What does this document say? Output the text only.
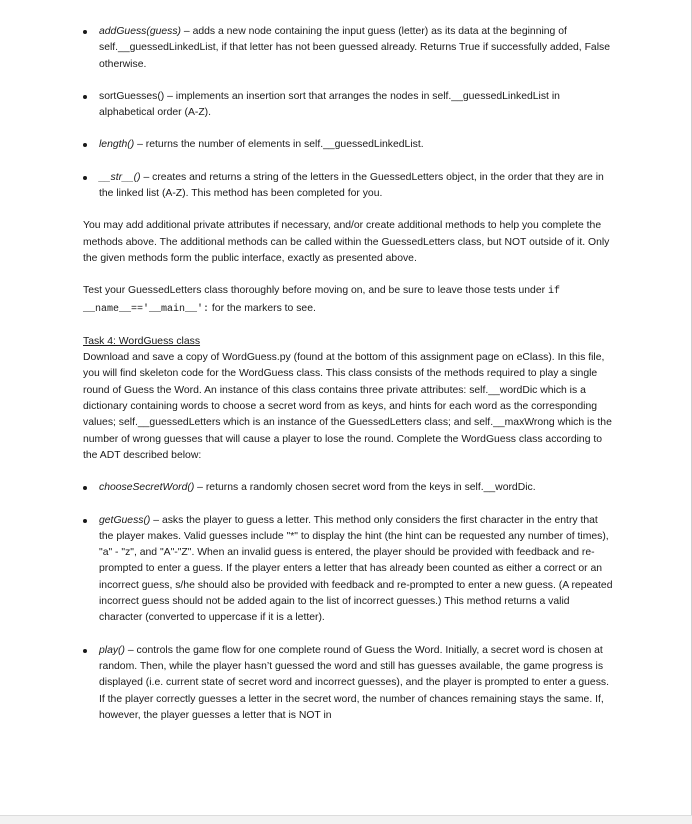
addGuess(guess) – adds a new node containing the input guess (letter) as its data at the beginning of self.__guessedLinkedList, if that letter has not been guessed already. Returns True if successfully added, False otherwise.
sortGuesses() – implements an insertion sort that arranges the nodes in self.__guessedLinkedList in alphabetical order (A-Z).
length() – returns the number of elements in self.__guessedLinkedList.
__str__() – creates and returns a string of the letters in the GuessedLetters object, in the order that they are in the linked list (A-Z). This method has been completed for you.

You may add additional private attributes if necessary, and/or create additional methods to help you complete the methods above. The additional methods can be called within the GuessedLetters class, but NOT outside of it. Only the given methods form the public interface, exactly as presented above.

Test your GuessedLetters class thoroughly before moving on, and be sure to leave those tests under if __name__=='__main__': for the markers to see.

Task 4: WordGuess class

Download and save a copy of WordGuess.py (found at the bottom of this assignment page on eClass). In this file, you will find skeleton code for the WordGuess class. This class consists of the methods required to play a single round of Guess the Word. An instance of this class contains three private attributes: self.__wordDic which is a dictionary containing words to choose a secret word from as keys, and hints for each word as the corresponding values; self.__guessedLetters which is an instance of the GuessedLetters class; and self.__maxWrong which is the number of wrong guesses that will cause a player to lose the round. Complete the WordGuess class according to the ADT described below:

chooseSecretWord() – returns a randomly chosen secret word from the keys in self.__wordDic.
getGuess() – asks the player to guess a letter. This method only considers the first character in the entry that the player makes. Valid guesses include "*" to display the hint (the hint can be requested any number of times), "a" - "z", and "A"-"Z". When an invalid guess is entered, the player should be provided with feedback and re-prompted to enter a guess. If the player enters a letter that has already been counted as either a correct or an incorrect guess, s/he should also be provided with feedback and re-prompted to enter a new guess. (A repeated incorrect guess should not be added again to the list of incorrect guesses.) This method returns a valid character (converted to uppercase if it is a letter).
play() – controls the game flow for one complete round of Guess the Word. Initially, a secret word is chosen at random. Then, while the player hasn’t guessed the word and still has guesses available, the game progress is displayed (i.e. current state of secret word and incorrect guesses), and the player is prompted to enter a guess. If the player correctly guesses a letter in the secret word, the number of chances remaining stays the same. If, however, the player guesses a letter that is NOT in
